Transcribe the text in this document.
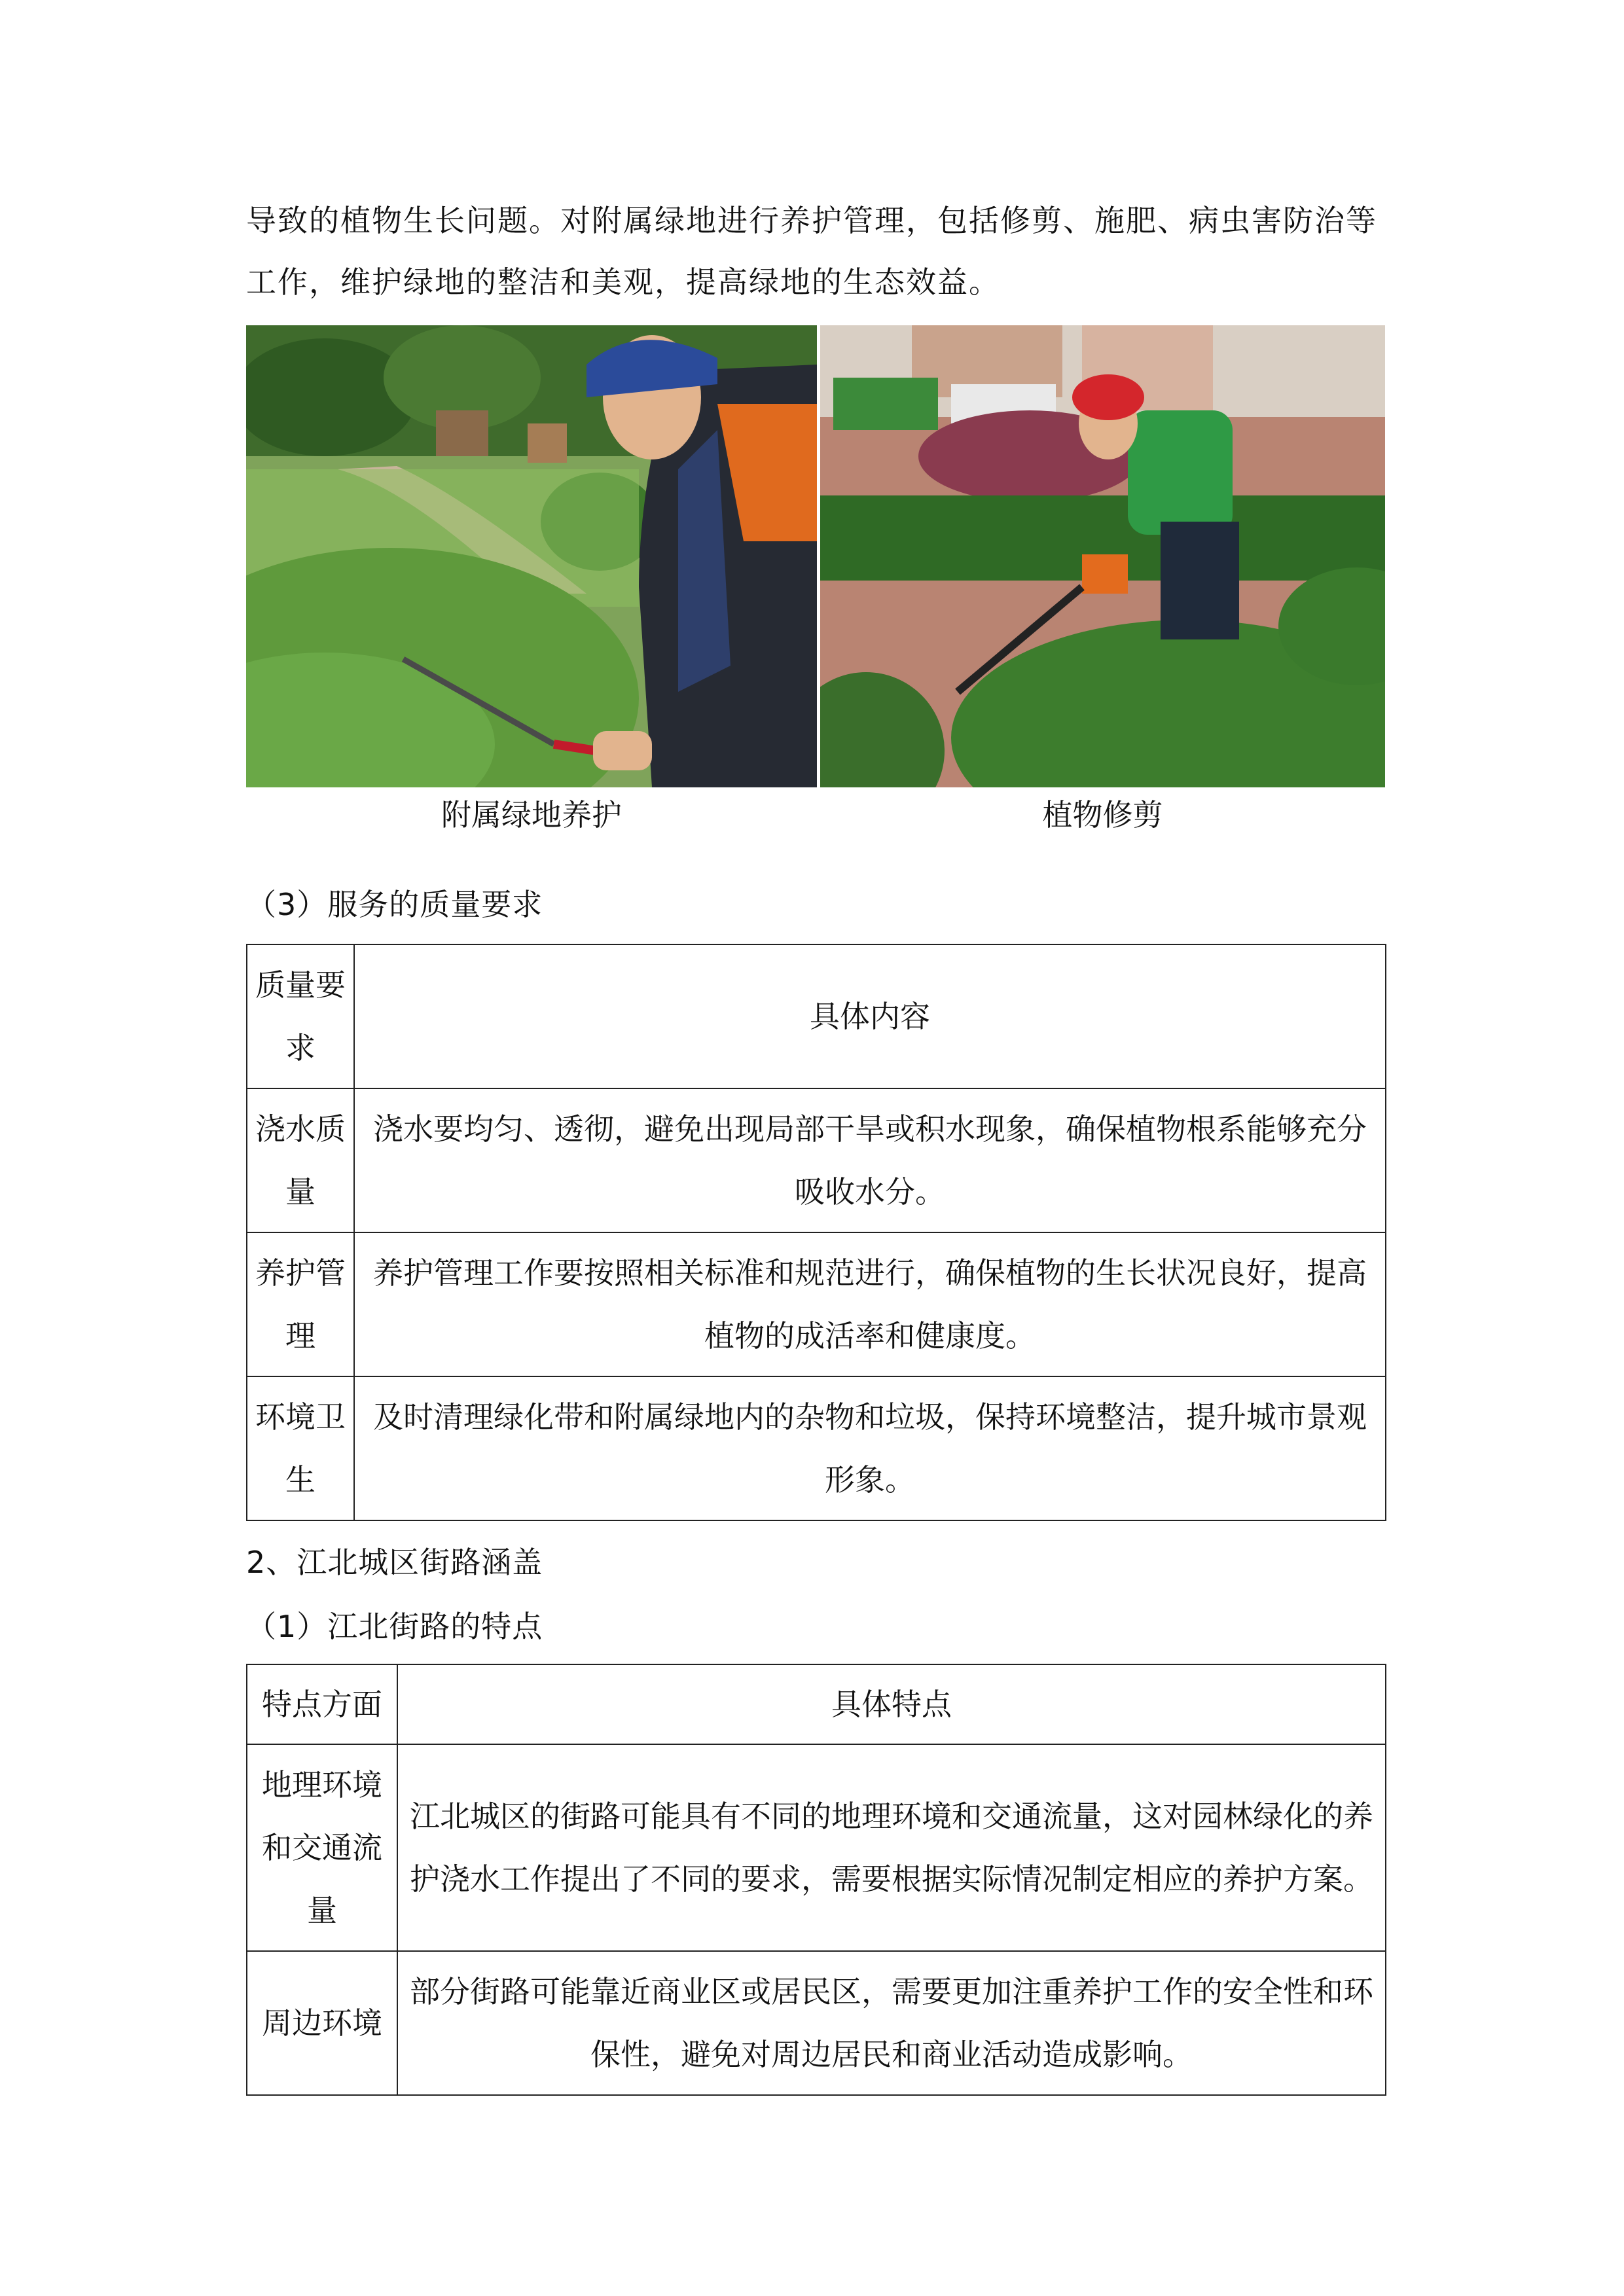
导致的植物生长问题。对附属绿地进行养护管理，包括修剪、施肥、病虫害防治等工作，维护绿地的整洁和美观，提高绿地的生态效益。

附属绿地养护	植物修剪

（3）服务的质量要求

质量要求	具体内容
浇水质量	浇水要均匀、透彻，避免出现局部干旱或积水现象，确保植物根系能够充分吸收水分。
养护管理	养护管理工作要按照相关标准和规范进行，确保植物的生长状况良好，提高植物的成活率和健康度。
环境卫生	及时清理绿化带和附属绿地内的杂物和垃圾，保持环境整洁，提升城市景观形象。

2、江北城区街路涵盖

（1）江北街路的特点

特点方面	具体特点
地理环境和交通流量	江北城区的街路可能具有不同的地理环境和交通流量，这对园林绿化的养护浇水工作提出了不同的要求，需要根据实际情况制定相应的养护方案。
周边环境	部分街路可能靠近商业区或居民区，需要更加注重养护工作的安全性和环保性，避免对周边居民和商业活动造成影响。
